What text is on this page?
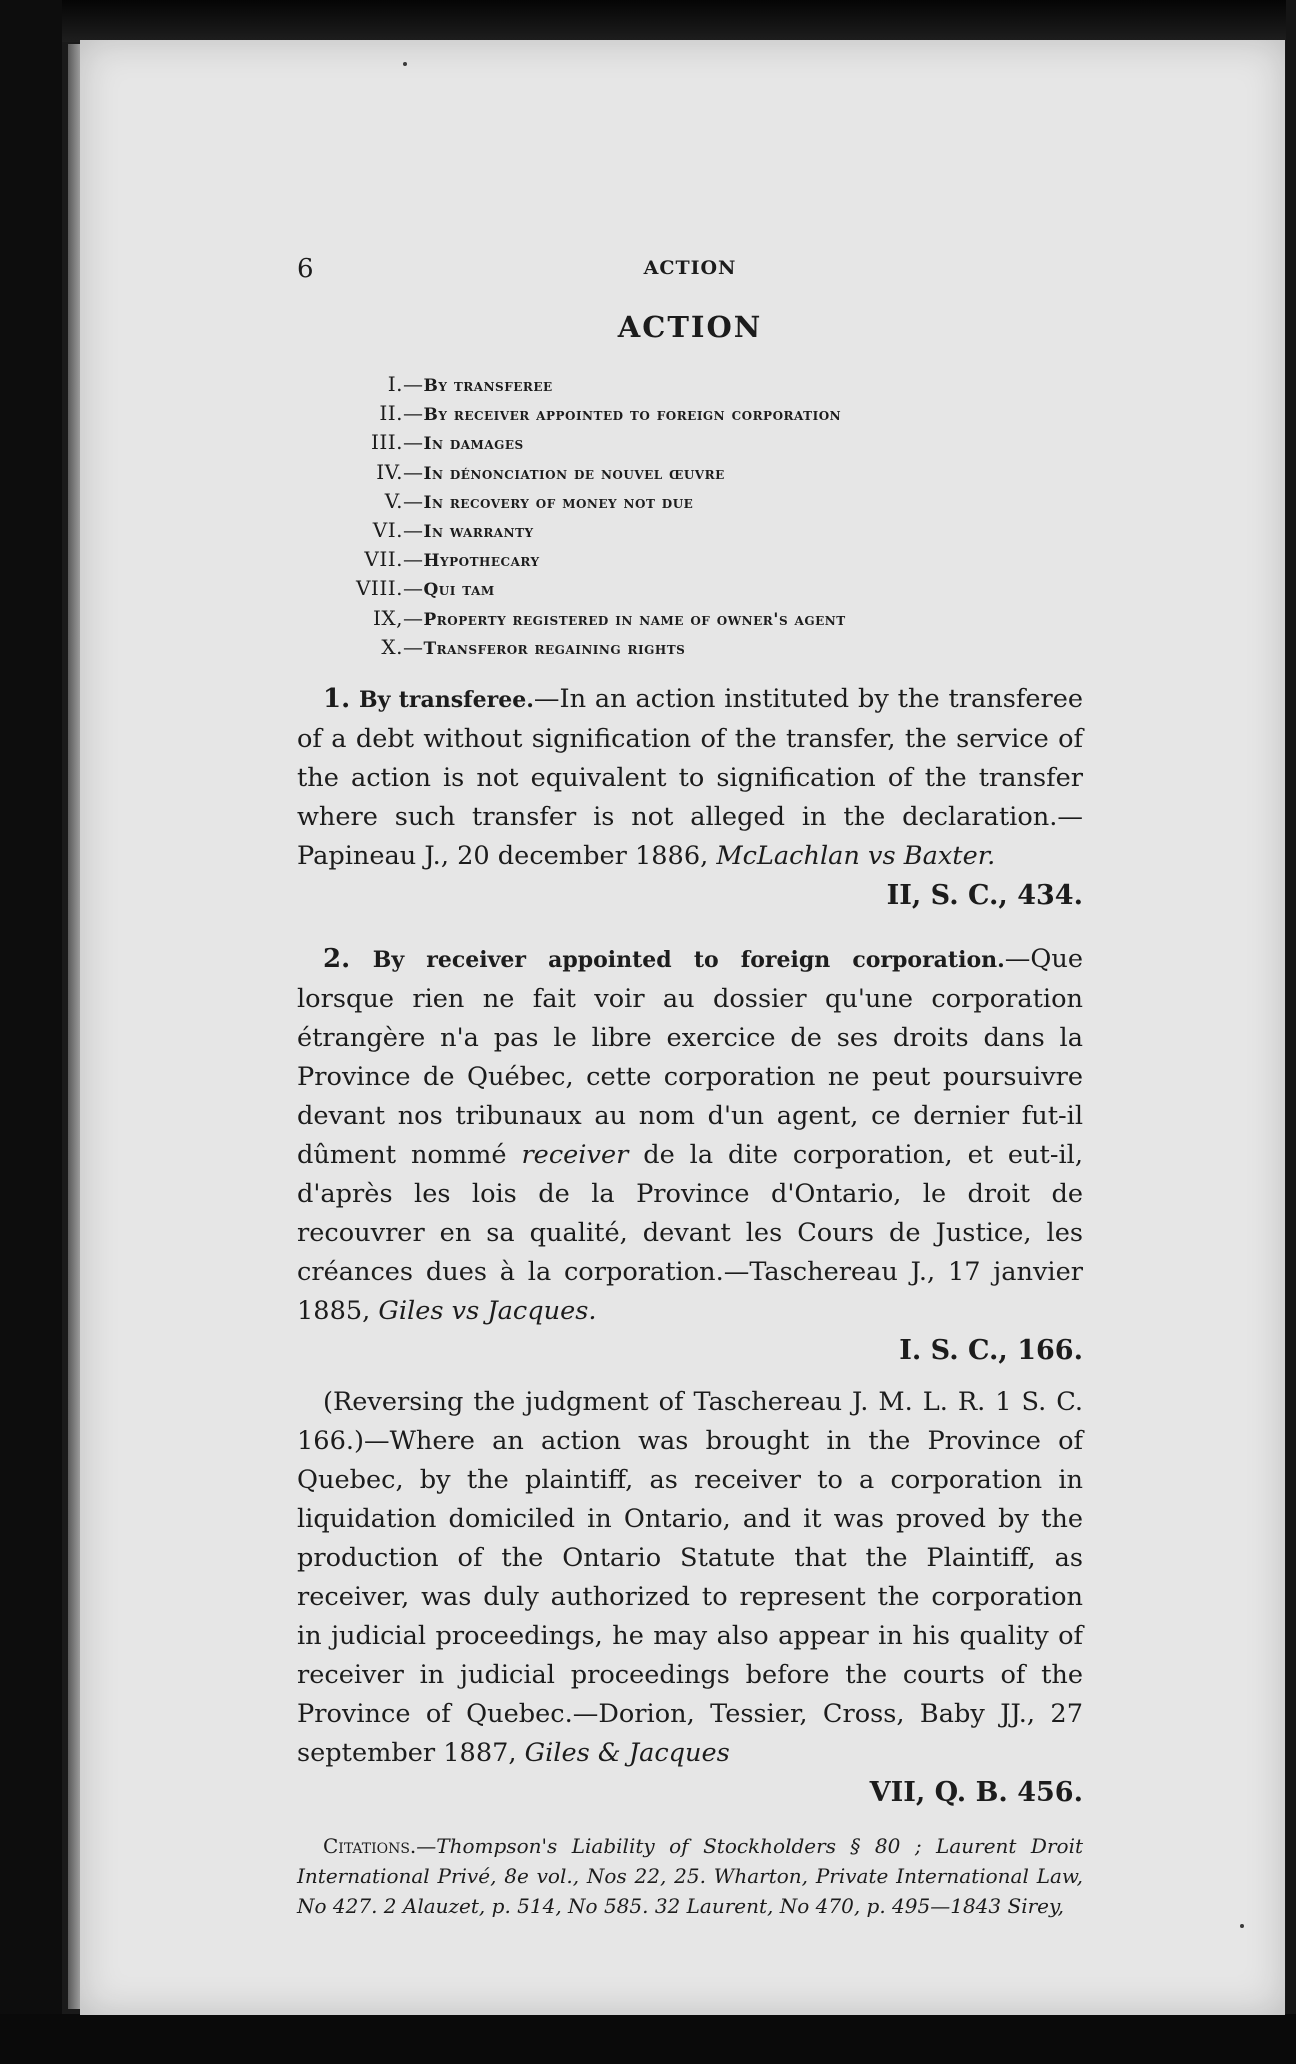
6	ACTION
ACTION
I. — By transferee
II. — By receiver appointed to foreign corporation
III. — In damages
IV. — In dénonciation de nouvel œuvre
V. — In recovery of money not due
VI. — In warranty
VII. — Hypothecary
VIII. — Qui tam
IX, — Property registered in name of owner's agent
X. — Transferor regaining rights

1. By transferee.—In an action instituted by the transferee of a debt without signification of the transfer, the service of the action is not equivalent to signification of the transfer where such transfer is not alleged in the declaration.—Papineau J., 20 december 1886, McLachlan vs Baxter.

II, S. C., 434.

2. By receiver appointed to foreign corporation.—Que lorsque rien ne fait voir au dossier qu'une corporation étrangère n'a pas le libre exercice de ses droits dans la Province de Québec, cette corporation ne peut poursuivre devant nos tribunaux au nom d'un agent, ce dernier fut-il dûment nommé receiver de la dite corporation, et eut-il, d'après les lois de la Province d'Ontario, le droit de recouvrer en sa qualité, devant les Cours de Justice, les créances dues à la corporation.—Taschereau J., 17 janvier 1885, Giles vs Jacques.

I. S. C., 166.

(Reversing the judgment of Taschereau J. M. L. R. 1 S. C. 166.)—Where an action was brought in the Province of Quebec, by the plaintiff, as receiver to a corporation in liquidation domiciled in Ontario, and it was proved by the production of the Ontario Statute that the Plaintiff, as receiver, was duly authorized to represent the corporation in judicial proceedings, he may also appear in his quality of receiver in judicial proceedings before the courts of the Province of Quebec.—Dorion, Tessier, Cross, Baby JJ., 27 september 1887, Giles & Jacques

VII, Q. B. 456.

Citations.—Thompson's Liability of Stockholders § 80 ; Laurent Droit International Privé, 8e vol., Nos 22, 25. Wharton, Private International Law, No 427. 2 Alauzet, p. 514, No 585. 32 Laurent, No 470, p. 495—1843 Sirey,
